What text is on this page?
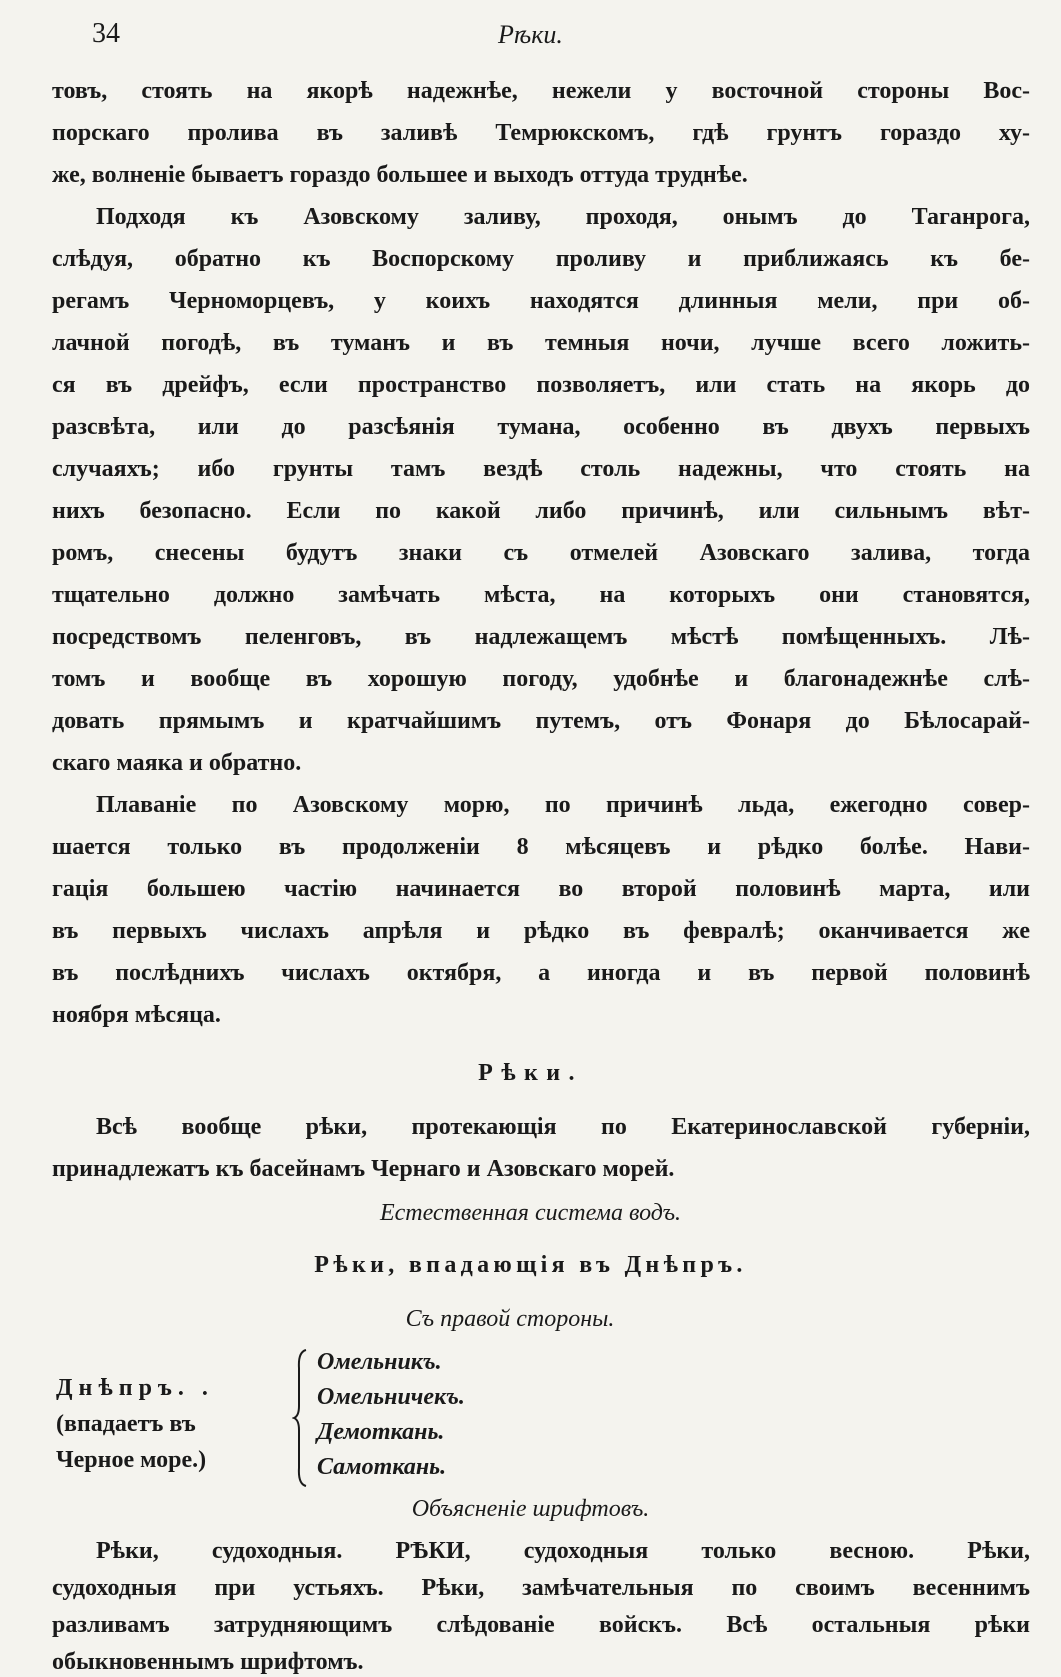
34	Рѣки.
товъ, стоять на якорѣ надежнѣе, нежели у восточной стороны Вос-
порскаго пролива въ заливѣ Темрюкскомъ, гдѣ грунтъ гораздо ху-
же, волненіе бываетъ гораздо большее и выходъ оттуда труднѣе.
Подходя къ Азовскому заливу, проходя, онымъ до Таганрога,
слѣдуя, обратно къ Воспорскому проливу и приближаясь къ бе-
регамъ Черноморцевъ, у коихъ находятся длинныя мели, при об-
лачной погодѣ, въ туманъ и въ темныя ночи, лучше всего ложить-
ся въ дрейфъ, если пространство позволяетъ, или стать на якорь до
разсвѣта, или до разсѣянія тумана, особенно въ двухъ первыхъ
случаяхъ; ибо грунты тамъ вездѣ столь надежны, что стоять на
нихъ безопасно. Если по какой либо причинѣ, или сильнымъ вѣт-
ромъ, снесены будутъ знаки съ отмелей Азовскаго залива, тогда
тщательно должно замѣчать мѣста, на которыхъ они становятся,
посредствомъ пеленговъ, въ надлежащемъ мѣстѣ помѣщенныхъ. Лѣ-
томъ и вообще въ хорошую погоду, удобнѣе и благонадежнѣе слѣ-
довать прямымъ и кратчайшимъ путемъ, отъ Фонаря до Бѣлосарай-
скаго маяка и обратно.
Плаваніе по Азовскому морю, по причинѣ льда, ежегодно совер-
шается только въ продолженіи 8 мѣсяцевъ и рѣдко болѣе. Нави-
гація большею частію начинается во второй половинѣ марта, или
въ первыхъ числахъ апрѣля и рѣдко въ февралѣ; оканчивается же
въ послѣднихъ числахъ октября, а иногда и въ первой половинѣ
ноября мѣсяца.
Рѣки.
Всѣ вообще рѣки, протекающія по Екатеринославской губерніи,
принадлежатъ къ басейнамъ Чернаго и Азовскаго морей.
Естественная система водъ.
Рѣки, впадающія въ Днѣпръ.
Съ правой стороны.
Днѣпръ. .
(впадаетъ въ
Черное море.)
Омельникъ.
Омельничекъ.
Демоткань.
Самоткань.
Объясненіе шрифтовъ.
Рѣки, судоходныя. РѢКИ, судоходныя только весною. Рѣки,
судоходныя при устьяхъ. Рѣки, замѣчательныя по своимъ весеннимъ
разливамъ затрудняющимъ слѣдованіе войскъ. Всѣ остальныя рѣки
обыкновеннымъ шрифтомъ.
